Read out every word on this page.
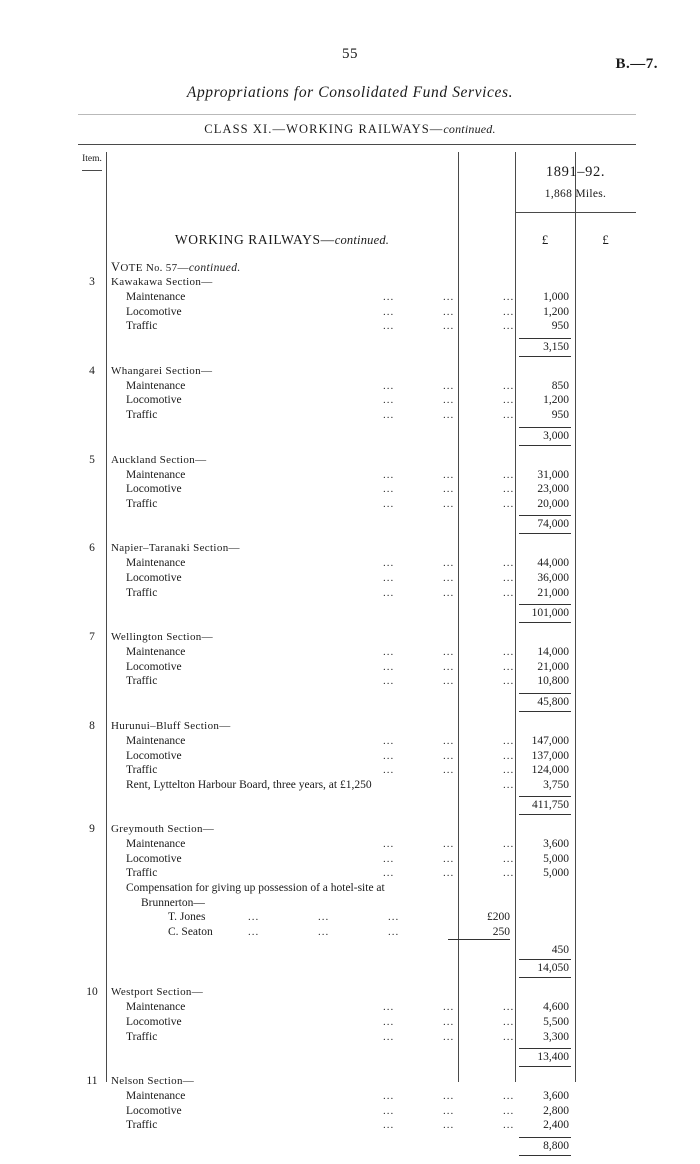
55
B.—7.
Appropriations for Consolidated Fund Services.
CLASS XI.—WORKING RAILWAYS—continued.
Item.
1891–92.
1,868 Miles.
WORKING RAILWAYS—continued.	£	£
VOTE No. 57—continued.
3	Kawakawa Section—
Maintenance	...	...	...	1,000
Locomotive	...	...	...	1,200
Traffic	...	...	...	950
3,150
4	Whangarei Section—
Maintenance	...	...	...	850
Locomotive	...	...	...	1,200
Traffic	...	...	...	950
3,000
5	Auckland Section—
Maintenance	...	...	...	31,000
Locomotive	...	...	...	23,000
Traffic	...	...	...	20,000
74,000
6	Napier–Taranaki Section—
Maintenance	...	...	...	44,000
Locomotive	...	...	...	36,000
Traffic	...	...	...	21,000
101,000
7	Wellington Section—
Maintenance	...	...	...	14,000
Locomotive	...	...	...	21,000
Traffic	...	...	...	10,800
45,800
8	Hurunui–Bluff Section—
Maintenance	...	...	...	147,000
Locomotive	...	...	...	137,000
Traffic	...	...	...	124,000
Rent, Lyttelton Harbour Board, three years, at £1,250	...	3,750
411,750
9	Greymouth Section—
Maintenance	...	...	...	3,600
Locomotive	...	...	...	5,000
Traffic	...	...	...	5,000
Compensation for giving up possession of a hotel-site at
Brunnerton—
T. Jones	...	...	...	£200
C. Seaton	...	...	...	250
450
14,050
10	Westport Section—
Maintenance	...	...	...	4,600
Locomotive	...	...	...	5,500
Traffic	...	...	...	3,300
13,400
11	Nelson Section—
Maintenance	...	...	...	3,600
Locomotive	...	...	...	2,800
Traffic	...	...	...	2,400
8,800
